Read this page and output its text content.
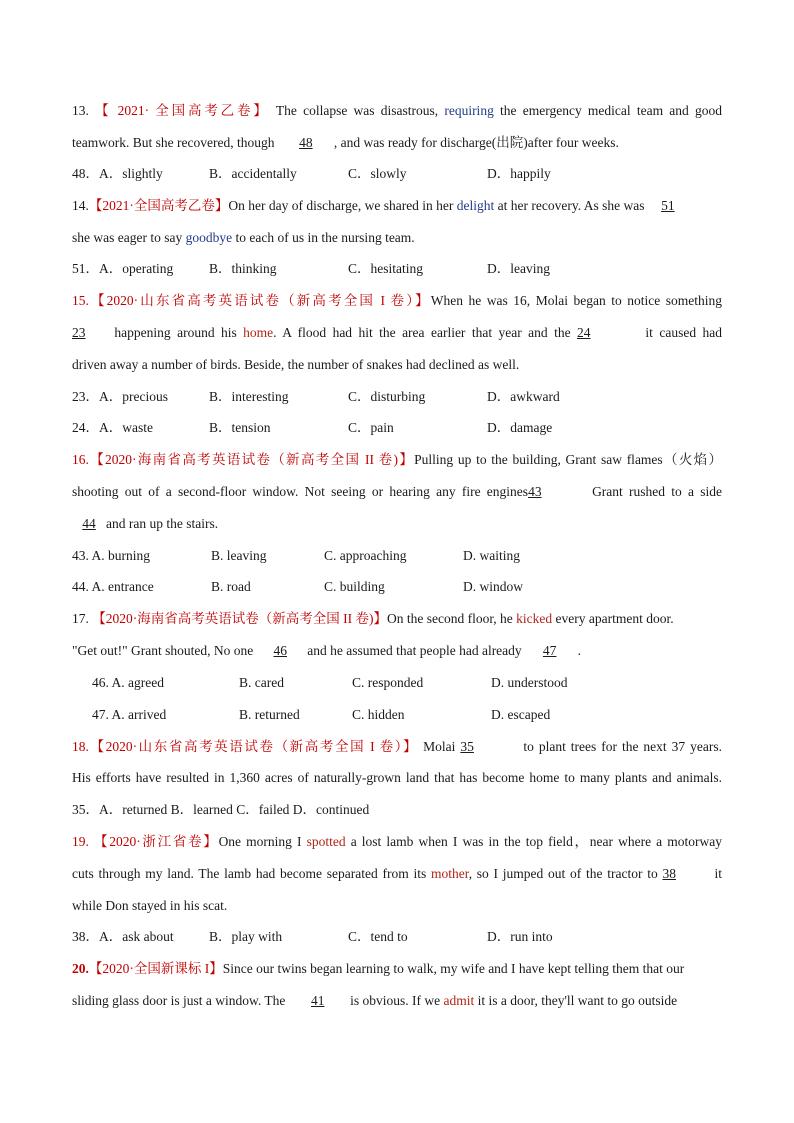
13. 【 2021· 全国高考乙卷】 The collapse was disastrous, requiring the emergency medical team and good
teamwork. But she recovered, though 48 , and was ready for discharge(出院)after four weeks.
48．A．slightly	B．accidentally	C．slowly	D．happily
14.【2021·全国高考乙卷】On her day of discharge, we shared in her delight at her recovery. As she was 51
she was eager to say goodbye to each of us in the nursing team.
51．A．operating	B．thinking	C．hesitating	D．leaving
15.【2020·山东省高考英语试卷（新高考全国 I 卷）】When he was 16, Molai began to notice something
23 happening around his home. A flood had hit the area earlier that year and the 24	it caused had
driven away a number of birds. Beside, the number of snakes had declined as well.
23．A．precious	B．interesting	C．disturbing	D．awkward
24．A．waste	B．tension	C．pain	D．damage
16.【2020·海南省高考英语试卷（新高考全国 II 卷)】Pulling up to the building, Grant saw flames（火焰）
shooting out of a second-floor window. Not seeing or hearing any fire engines43	Grant rushed to a side
44 and ran up the stairs.
43. A. burning	B. leaving	C. approaching	D. waiting
44. A. entrance	B. road	C. building	D. window
17. 【2020·海南省高考英语试卷（新高考全国 II 卷)】On the second floor, he kicked every apartment door.
"Get out!" Grant shouted, No one 46 and he assumed that people had already 47 .
46. A. agreed	B. cared	C. responded	D. understood
47. A. arrived	B. returned	C. hidden	D. escaped
18.【2020·山东省高考英语试卷（新高考全国 I 卷）】 Molai 35	to plant trees for the next 37 years.
His efforts have resulted in 1,360 acres of naturally-grown land that has become home to many plants and animals.
35．A．returned B．learned C．failed D．continued
19. 【2020·浙江省卷】One morning I spotted a lost lamb when I was in the top field，near where a motorway
cuts through my land. The lamb had become separated from its mother, so I jumped out of the tractor to 38	it
while Don stayed in his scat.
38．A．ask about	B．play with	C．tend to	D．run into
20.【2020·全国新课标 I】Since our twins began learning to walk, my wife and I have kept telling them that our
sliding glass door is just a window. The 41 is obvious. If we admit it is a door, they'll want to go outside
